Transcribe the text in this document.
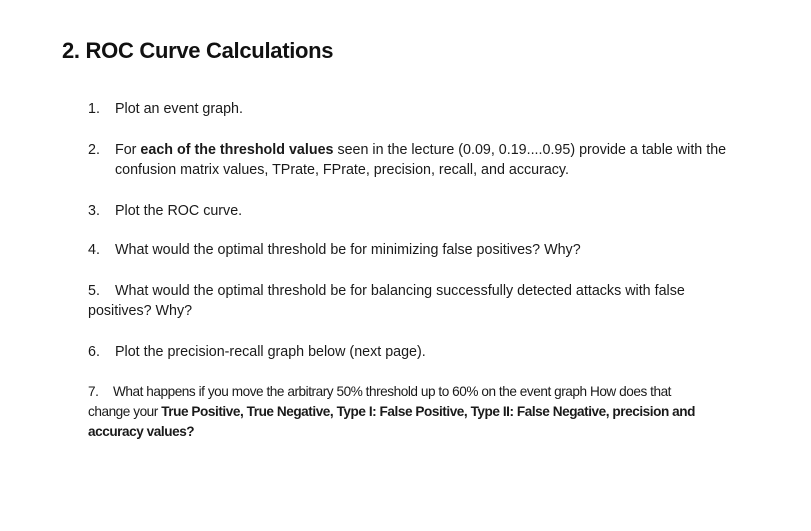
2. ROC Curve Calculations
1. Plot an event graph.
2. For each of the threshold values seen in the lecture (0.09, 0.19....0.95) provide a table with the
confusion matrix values, TPrate, FPrate, precision, recall, and accuracy.
3. Plot the ROC curve.
4. What would the optimal threshold be for minimizing false positives? Why?
5. What would the optimal threshold be for balancing successfully detected attacks with false
positives? Why?
6. Plot the precision-recall graph below (next page).
7. What happens if you move the arbitrary 50% threshold up to 60% on the event graph How does that
change your True Positive, True Negative, Type I: False Positive, Type II: False Negative, precision and
accuracy values?
